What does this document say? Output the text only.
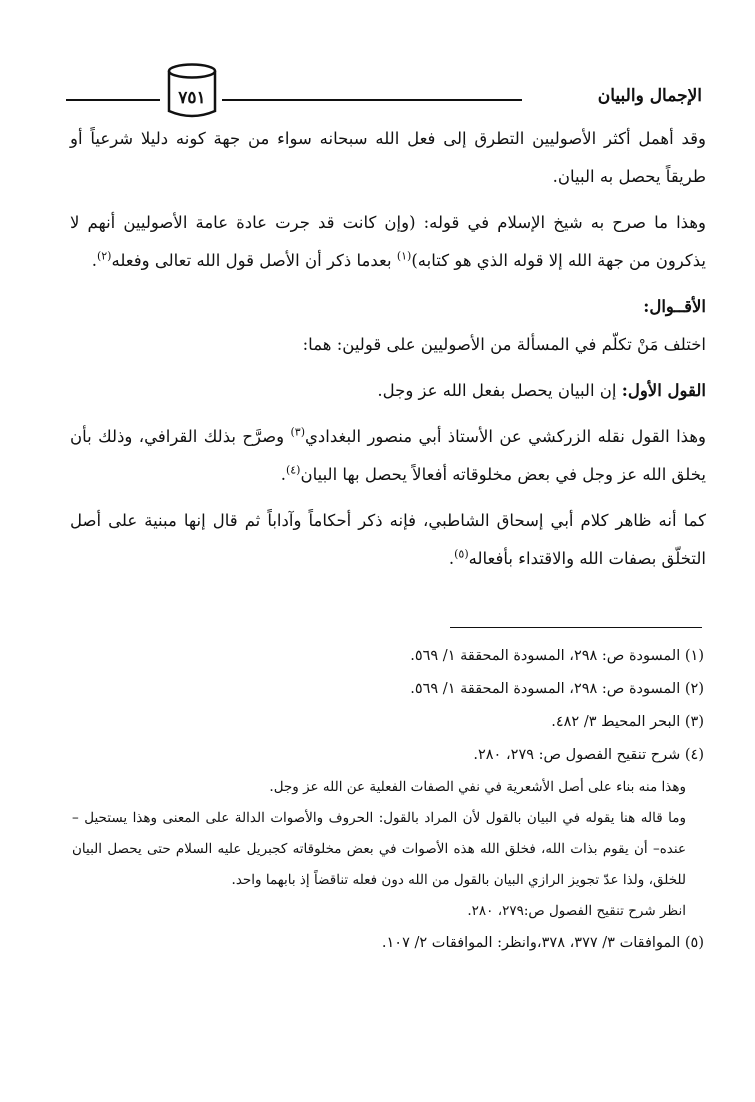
٧٥١	الإجمال والبيان

وقد أهمل أكثر الأصوليين التطرق إلى فعل الله سبحانه سواء من جهة كونه دليلا شرعياً أو طريقاً يحصل به البيان.

وهذا ما صرح به شيخ الإسلام في قوله: (وإن كانت قد جرت عادة عامة الأصوليين أنهم لا يذكرون من جهة الله إلا قوله الذي هو كتابه)$^{(١)}$ بعدما ذكر أن الأصل قول الله تعالى وفعله$^{(٢)}$.

الأقــوال:

اختلف مَنْ تكلّم في المسألة من الأصوليين على قولين: هما:

القول الأول: إن البيان يحصل بفعل الله عز وجل.

وهذا القول نقله الزركشي عن الأستاذ أبي منصور البغدادي$^{(٣)}$ وصرَّح بذلك القرافي، وذلك بأن يخلق الله عز وجل في بعض مخلوقاته أفعالاً يحصل بها البيان$^{(٤)}$.

كما أنه ظاهر كلام أبي إسحاق الشاطبي، فإنه ذكر أحكاماً وآداباً ثم قال إنها مبنية على أصل التخلّق بصفات الله والاقتداء بأفعاله$^{(٥)}$.

(١) المسودة ص: ٢٩٨، المسودة المحققة ١/ ٥٦٩.

(٢) المسودة ص: ٢٩٨، المسودة المحققة ١/ ٥٦٩.

(٣) البحر المحيط ٣/ ٤٨٢.

(٤) شرح تنقيح الفصول ص: ٢٧٩، ٢٨٠.

وهذا منه بناء على أصل الأشعرية في نفي الصفات الفعلية عن الله عز وجل.

وما قاله هنا يقوله في البيان بالقول لأن المراد بالقول: الحروف والأصوات الدالة على المعنى وهذا يستحيل –عنده– أن يقوم بذات الله، فخلق الله هذه الأصوات في بعض مخلوقاته كجبريل عليه السلام حتى يحصل البيان للخلق، ولذا عدّ تجويز الرازي البيان بالقول من الله دون فعله تناقضاً إذ بابهما واحد.

انظر شرح تنقيح الفصول ص:٢٧٩، ٢٨٠.

(٥) الموافقات ٣/ ٣٧٧، ٣٧٨،وانظر: الموافقات ٢/ ١٠٧.
